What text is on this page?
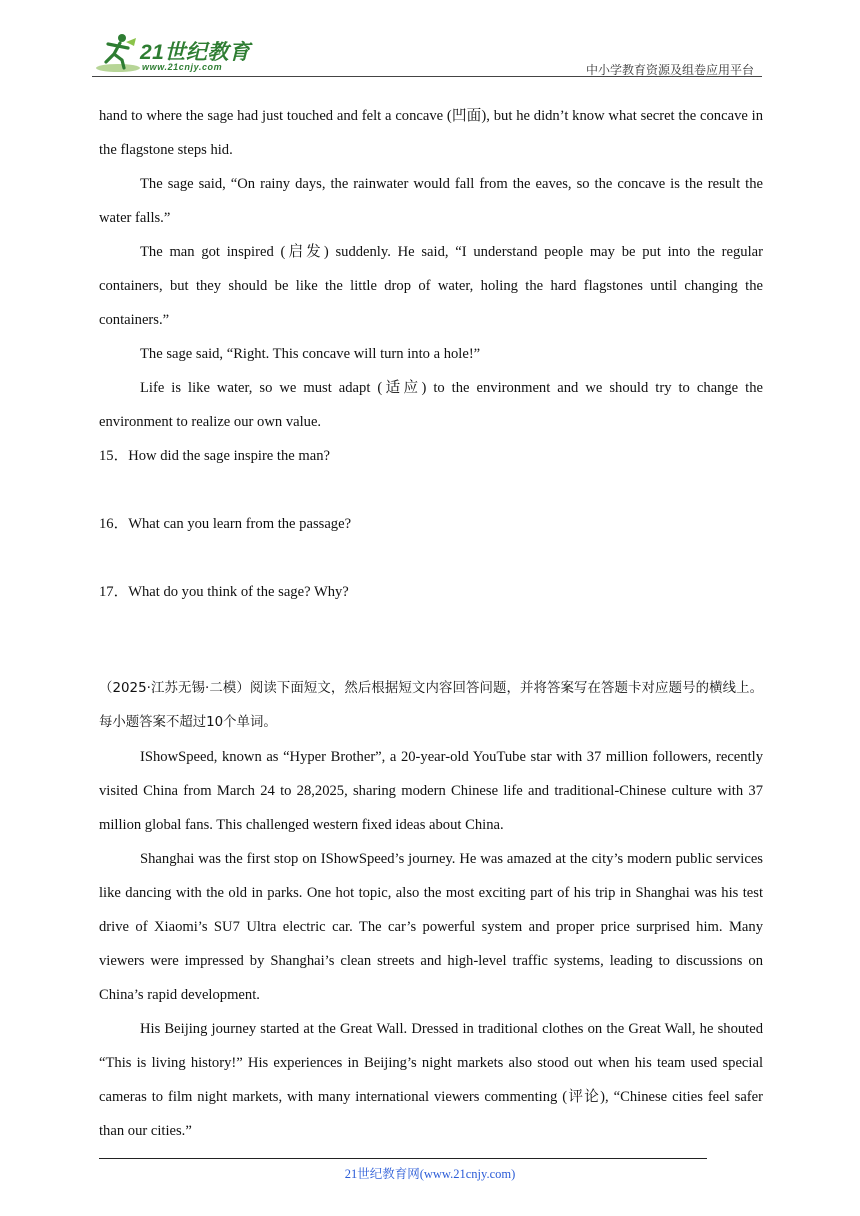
21世纪教育
www.21cnjy.com	中小学教育资源及组卷应用平台

hand to where the sage had just touched and felt a concave (凹面), but he didn’t know what secret the concave in the flagstone steps hid.

The sage said, “On rainy days, the rainwater would fall from the eaves, so the concave is the result the water falls.”

The man got inspired (启发) suddenly. He said, “I understand people may be put into the regular containers, but they should be like the little drop of water, holing the hard flagstones until changing the containers.”

The sage said, “Right. This concave will turn into a hole!”

Life is like water, so we must adapt (适应) to the environment and we should try to change the environment to realize our own value.

15．How did the sage inspire the man?

16．What can you learn from the passage?

17．What do you think of the sage? Why?

（2025·江苏无锡·二模）阅读下面短文，然后根据短文内容回答问题，并将答案写在答题卡对应题号的横线上。每小题答案不超过10个单词。

IShowSpeed, known as “Hyper Brother”, a 20-year-old YouTube star with 37 million followers, recently visited China from March 24 to 28,2025, sharing modern Chinese life and traditional-Chinese culture with 37 million global fans. This challenged western fixed ideas about China.

Shanghai was the first stop on IShowSpeed’s journey. He was amazed at the city’s modern public services like dancing with the old in parks. One hot topic, also the most exciting part of his trip in Shanghai was his test drive of Xiaomi’s SU7 Ultra electric car. The car’s powerful system and proper price surprised him. Many viewers were impressed by Shanghai’s clean streets and high-level traffic systems, leading to discussions on China’s rapid development.

His Beijing journey started at the Great Wall. Dressed in traditional clothes on the Great Wall, he shouted “This is living history!” His experiences in Beijing’s night markets also stood out when his team used special cameras to film night markets, with many international viewers commenting (评论), “Chinese cities feel safer than our cities.”

21世纪教育网(www.21cnjy.com)
